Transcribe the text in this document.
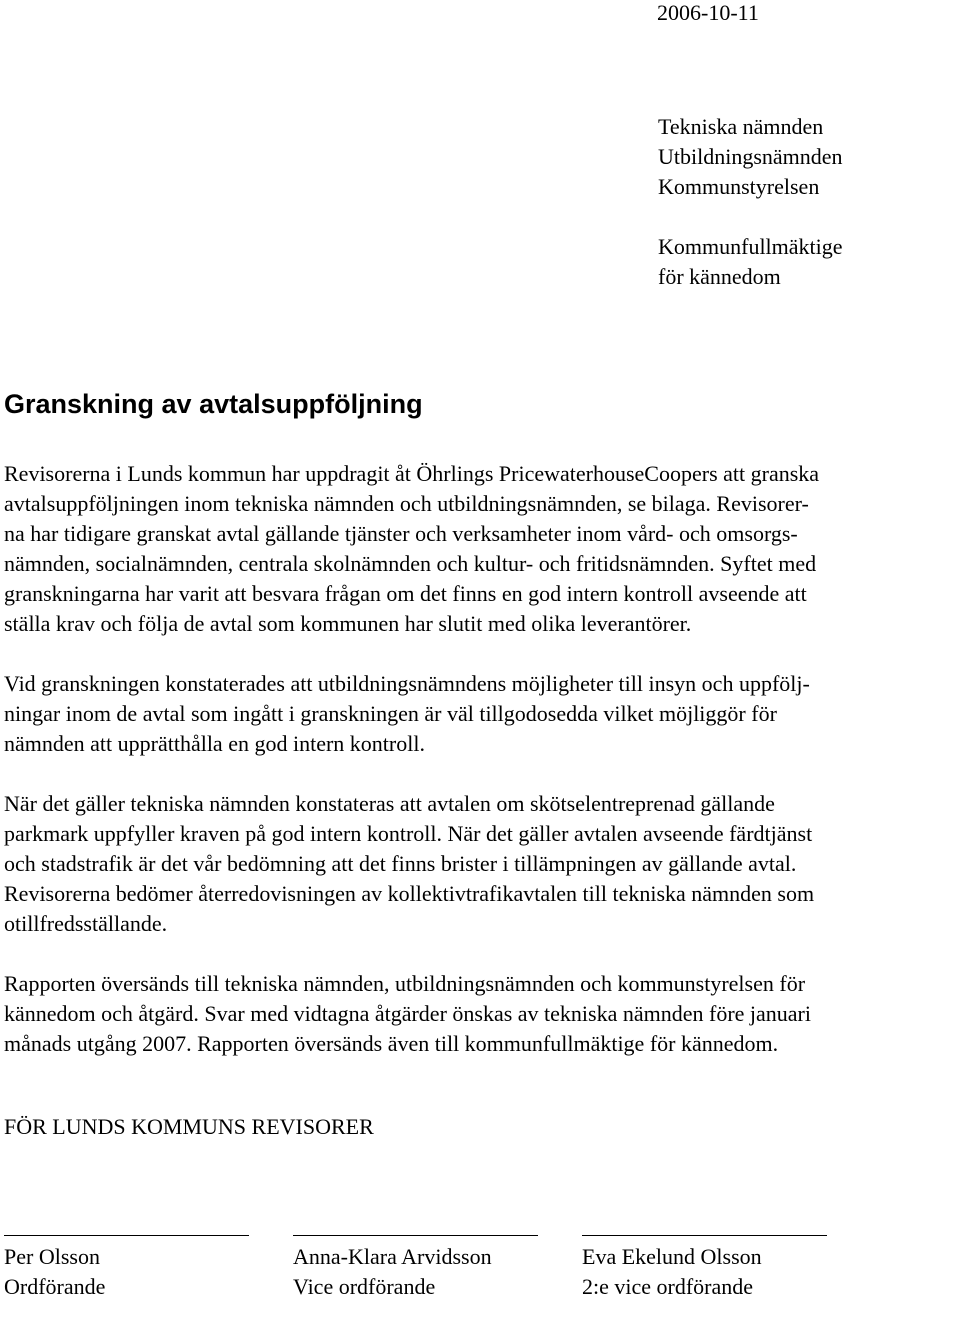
2006-10-11
Tekniska nämnden
Utbildningsnämnden
Kommunstyrelsen
Kommunfullmäktige
för kännedom
Granskning av avtalsuppföljning

Revisorerna i Lunds kommun har uppdragit åt Öhrlings PricewaterhouseCoopers att granska
avtalsuppföljningen inom tekniska nämnden och utbildningsnämnden, se bilaga. Revisorer-
na har tidigare granskat avtal gällande tjänster och verksamheter inom vård- och omsorgs-
nämnden, socialnämnden, centrala skolnämnden och kultur- och fritidsnämnden. Syftet med
granskningarna har varit att besvara frågan om det finns en god intern kontroll avseende att
ställa krav och följa de avtal som kommunen har slutit med olika leverantörer.

Vid granskningen konstaterades att utbildningsnämndens möjligheter till insyn och uppfölj-
ningar inom de avtal som ingått i granskningen är väl tillgodosedda vilket möjliggör för
nämnden att upprätthålla en god intern kontroll.

När det gäller tekniska nämnden konstateras att avtalen om skötselentreprenad gällande
parkmark uppfyller kraven på god intern kontroll. När det gäller avtalen avseende färdtjänst
och stadstrafik är det vår bedömning att det finns brister i tillämpningen av gällande avtal.
Revisorerna bedömer återredovisningen av kollektivtrafikavtalen till tekniska nämnden som
otillfredsställande.

Rapporten översänds till tekniska nämnden, utbildningsnämnden och kommunstyrelsen för
kännedom och åtgärd. Svar med vidtagna åtgärder önskas av tekniska nämnden före januari
månads utgång 2007. Rapporten översänds även till kommunfullmäktige för kännedom.

FÖR LUNDS KOMMUNS REVISORER
Per Olsson
Ordförande
Anna-Klara Arvidsson
Vice ordförande
Eva Ekelund Olsson
2:e vice ordförande
